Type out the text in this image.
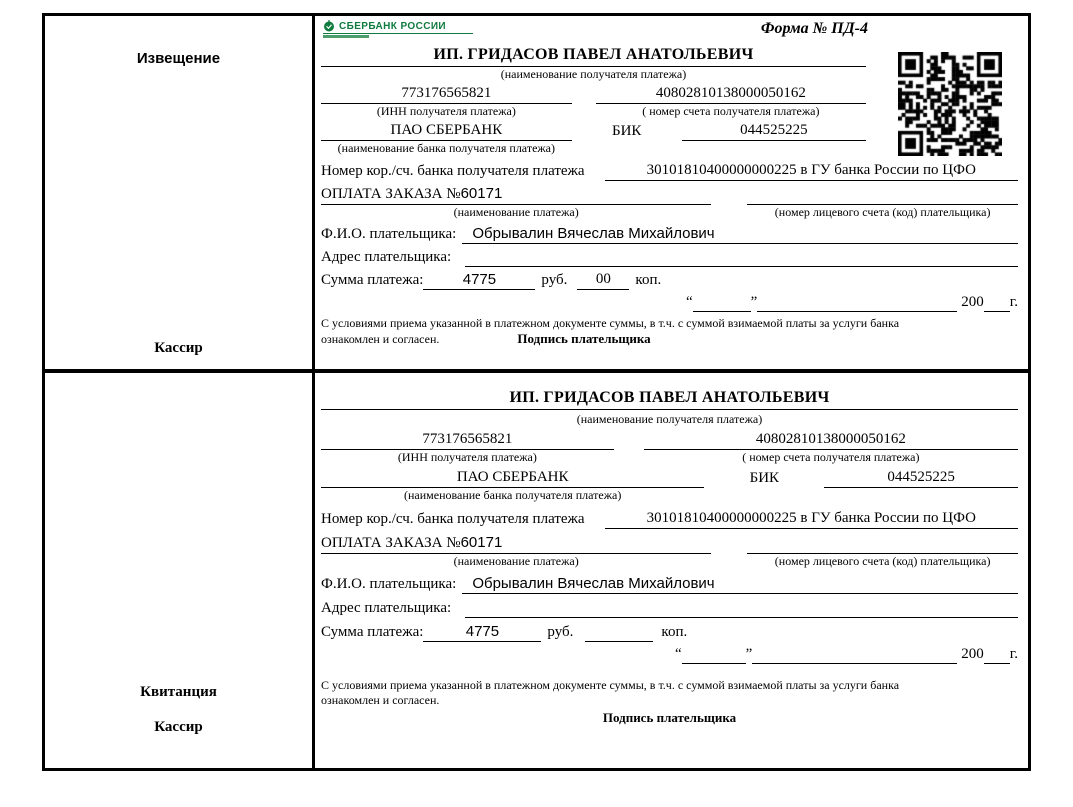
Извещение
Кассир
СБЕРБАНК РОССИИ	Форма № ПД-4
ИП. ГРИДАСОВ ПАВЕЛ АНАТОЛЬЕВИЧ
(наименование получателя платежа)
773176565821
(ИНН получателя платежа)
40802810138000050162
( номер счета получателя платежа)
ПАО СБЕРБАНК
(наименование банка получателя платежа)
БИК	044525225
Номер кор./сч. банка получателя платежа	30101810400000000225 в ГУ банка России по ЦФО
ОПЛАТА ЗАКАЗА №60171
(наименование платежа)	(номер лицевого счета (код) плательщика)
Ф.И.О. плательщика:	Обрывалин Вячеслав Михайлович
Адрес плательщика:
Сумма платежа:	4775	руб.	00	коп.
“	”	200 г.
С условиями приема указанной в платежном документе суммы, в т.ч. с суммой взимаемой платы за услуги банка
ознакомлен и согласен.	Подпись плательщика
Квитанция
Кассир
ИП. ГРИДАСОВ ПАВЕЛ АНАТОЛЬЕВИЧ
(наименование получателя платежа)
773176565821
(ИНН получателя платежа)
40802810138000050162
( номер счета получателя платежа)
ПАО СБЕРБАНК
(наименование банка получателя платежа)
БИК	044525225
Номер кор./сч. банка получателя платежа	30101810400000000225 в ГУ банка России по ЦФО
ОПЛАТА ЗАКАЗА №60171
(наименование платежа)	(номер лицевого счета (код) плательщика)
Ф.И.О. плательщика:	Обрывалин Вячеслав Михайлович
Адрес плательщика:
Сумма платежа:	4775	руб.	коп.
“	”	200 г.
С условиями приема указанной в платежном документе суммы, в т.ч. с суммой взимаемой платы за услуги банка
ознакомлен и согласен.
Подпись плательщика
